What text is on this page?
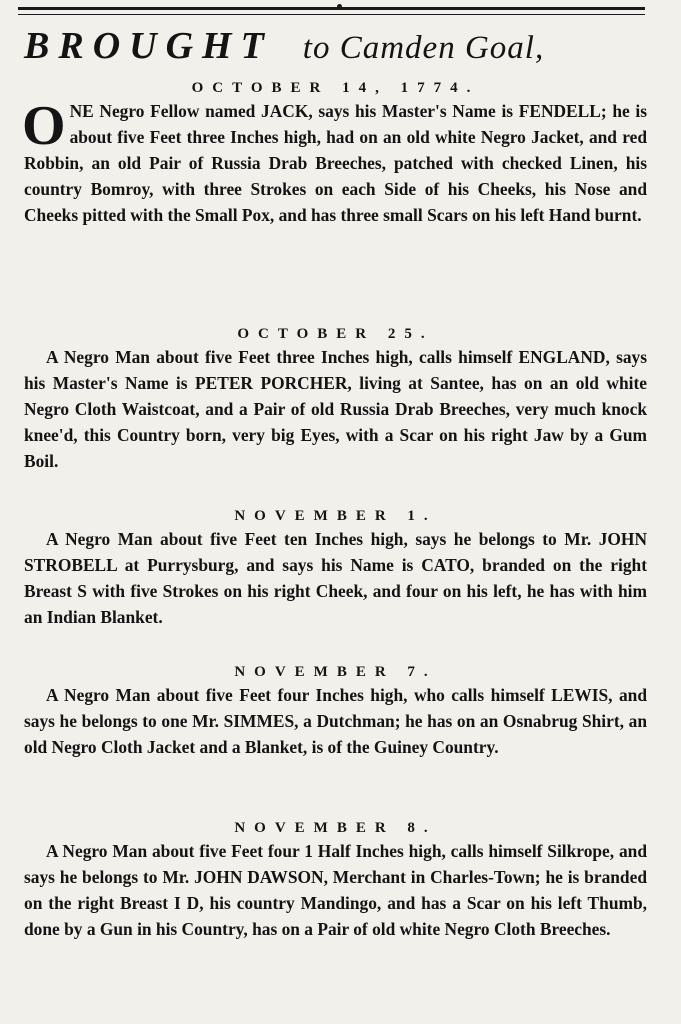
BROUGHT to Camden Goal,
OCTOBER 14, 1774.

ONE Negro Fellow named JACK, says his Master's Name is FENDELL; he is about five Feet three Inches high, had on an old white Negro Jacket, and red Robbin, an old Pair of Russia Drab Breeches, patched with checked Linen, his country Bomroy, with three Strokes on each Side of his Cheeks, his Nose and Cheeks pitted with the Small Pox, and has three small Scars on his left Hand burnt.

OCTOBER 25.

A Negro Man about five Feet three Inches high, calls himself ENGLAND, says his Master's Name is PETER PORCHER, living at Santee, has on an old white Negro Cloth Waistcoat, and a Pair of old Russia Drab Breeches, very much knock knee'd, this Country born, very big Eyes, with a Scar on his right Jaw by a Gum Boil.

NOVEMBER 1.

A Negro Man about five Feet ten Inches high, says he belongs to Mr. JOHN STROBELL at Purrysburg, and says his Name is CATO, branded on the right Breast S with five Strokes on his right Cheek, and four on his left, he has with him an Indian Blanket.

NOVEMBER 7.

A Negro Man about five Feet four Inches high, who calls himself LEWIS, and says he belongs to one Mr. SIMMES, a Dutchman; he has on an Osnabrug Shirt, an old Negro Cloth Jacket and a Blanket, is of the Guiney Country.

NOVEMBER 8.

A Negro Man about five Feet four 1 Half Inches high, calls himself Silkrope, and says he belongs to Mr. JOHN DAWSON, Merchant in Charles-Town; he is branded on the right Breast I D, his country Mandingo, and has a Scar on his left Thumb, done by a Gun in his Country, has on a Pair of old white Negro Cloth Breeches.
